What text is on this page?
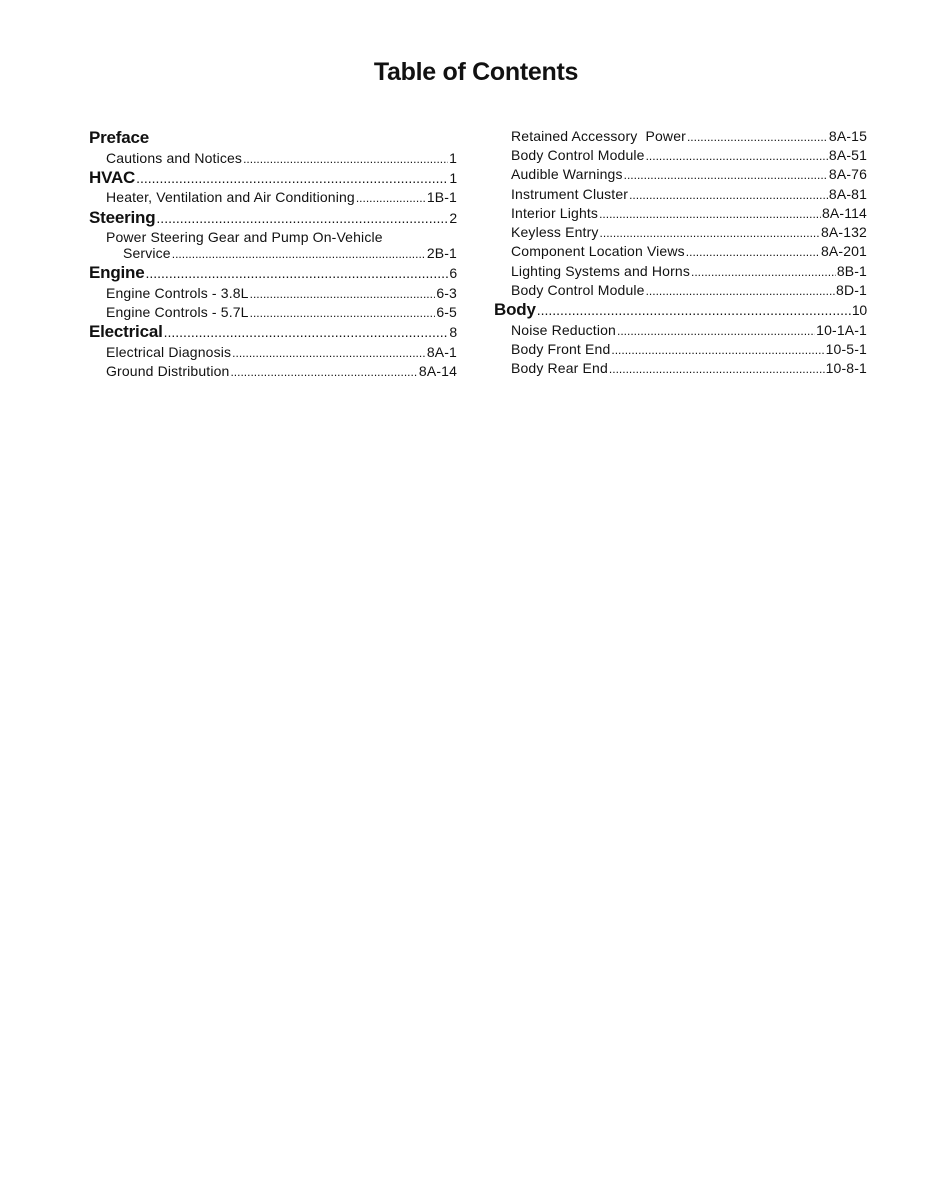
Table of Contents
Preface
Cautions and Notices .....	1
HVAC .....	1
Heater, Ventilation and Air Conditioning .....	1B-1
Steering .....	2
Power Steering Gear and Pump On-Vehicle
Service .....	2B-1
Engine .....	6
Engine Controls - 3.8L .....	6-3
Engine Controls - 5.7L .....	6-5
Electrical .....	8
Electrical Diagnosis .....	8A-1
Ground Distribution .....	8A-14
Retained Accessory  Power .....	8A-15
Body Control Module .....	8A-51
Audible Warnings .....	8A-76
Instrument Cluster .....	8A-81
Interior Lights .....	8A-114
Keyless Entry .....	8A-132
Component Location Views .....	8A-201
Lighting Systems and Horns .....	8B-1
Body Control Module .....	8D-1
Body .....	10
Noise Reduction .....	10-1A-1
Body Front End .....	10-5-1
Body Rear End .....	10-8-1
